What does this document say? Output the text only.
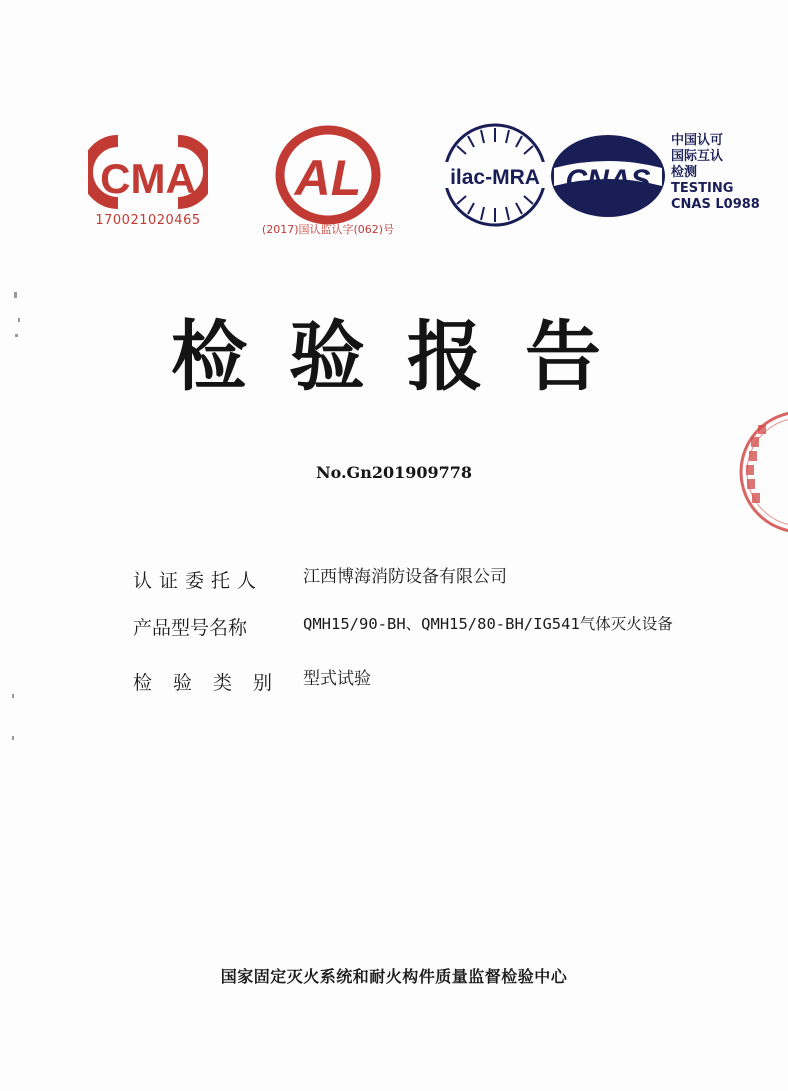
CMA
170021020465
AL
(2017)国认监认字(062)号
ilac-MRA CNAS
中国认可
国际互认
检测
TESTING
CNAS L0988
检验报告
No.Gn201909778
认证委托人	江西博海消防设备有限公司
产品型号名称	QMH15/90-BH、QMH15/80-BH/IG541气体灭火设备
检验类别 型式试验
国家固定灭火系统和耐火构件质量监督检验中心
